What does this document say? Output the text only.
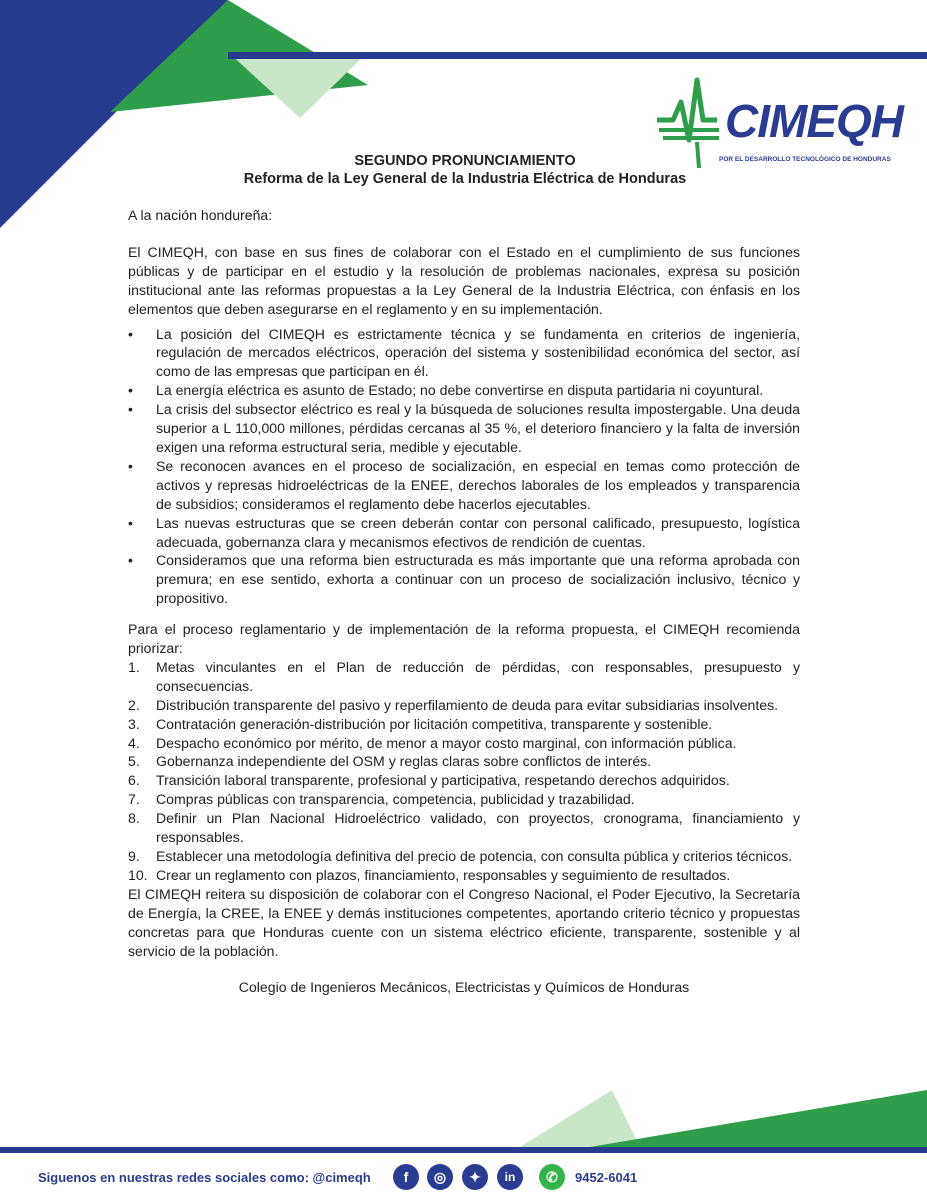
CIMEQH
POR EL DESARROLLO TECNOLÓGICO DE HONDURAS
SEGUNDO PRONUNCIAMIENTO
Reforma de la Ley General de la Industria Eléctrica de Honduras

A la nación hondureña:

El CIMEQH, con base en sus fines de colaborar con el Estado en el cumplimiento de sus funciones públicas y de participar en el estudio y la resolución de problemas nacionales, expresa su posición institucional ante las reformas propuestas a la Ley General de la Industria Eléctrica, con énfasis en los elementos que deben asegurarse en el reglamento y en su implementación.

• La posición del CIMEQH es estrictamente técnica y se fundamenta en criterios de ingeniería, regulación de mercados eléctricos, operación del sistema y sostenibilidad económica del sector, así como de las empresas que participan en él.
• La energía eléctrica es asunto de Estado; no debe convertirse en disputa partidaria ni coyuntural.
• La crisis del subsector eléctrico es real y la búsqueda de soluciones resulta impostergable. Una deuda superior a L 110,000 millones, pérdidas cercanas al 35 %, el deterioro financiero y la falta de inversión exigen una reforma estructural seria, medible y ejecutable.
• Se reconocen avances en el proceso de socialización, en especial en temas como protección de activos y represas hidroeléctricas de la ENEE, derechos laborales de los empleados y transparencia de subsidios; consideramos el reglamento debe hacerlos ejecutables.
• Las nuevas estructuras que se creen deberán contar con personal calificado, presupuesto, logística adecuada, gobernanza clara y mecanismos efectivos de rendición de cuentas.
• Consideramos que una reforma bien estructurada es más importante que una reforma aprobada con premura; en ese sentido, exhorta a continuar con un proceso de socialización inclusivo, técnico y propositivo.

Para el proceso reglamentario y de implementación de la reforma propuesta, el CIMEQH recomienda priorizar:

1. Metas vinculantes en el Plan de reducción de pérdidas, con responsables, presupuesto y consecuencias.
2. Distribución transparente del pasivo y reperfilamiento de deuda para evitar subsidiarias insolventes.
3. Contratación generación-distribución por licitación competitiva, transparente y sostenible.
4. Despacho económico por mérito, de menor a mayor costo marginal, con información pública.
5. Gobernanza independiente del OSM y reglas claras sobre conflictos de interés.
6. Transición laboral transparente, profesional y participativa, respetando derechos adquiridos.
7. Compras públicas con transparencia, competencia, publicidad y trazabilidad.
8. Definir un Plan Nacional Hidroeléctrico validado, con proyectos, cronograma, financiamiento y responsables.
9. Establecer una metodología definitiva del precio de potencia, con consulta pública y criterios técnicos.
10. Crear un reglamento con plazos, financiamiento, responsables y seguimiento de resultados.

El CIMEQH reitera su disposición de colaborar con el Congreso Nacional, el Poder Ejecutivo, la Secretaría de Energía, la CREE, la ENEE y demás instituciones competentes, aportando criterio técnico y propuestas concretas para que Honduras cuente con un sistema eléctrico eficiente, transparente, sostenible y al servicio de la población.

Colegio de Ingenieros Mecánicos, Electricistas y Químicos de Honduras

Siguenos en nuestras redes sociales como: @cimeqh	f	◎	✦	in	✆	9452-6041
